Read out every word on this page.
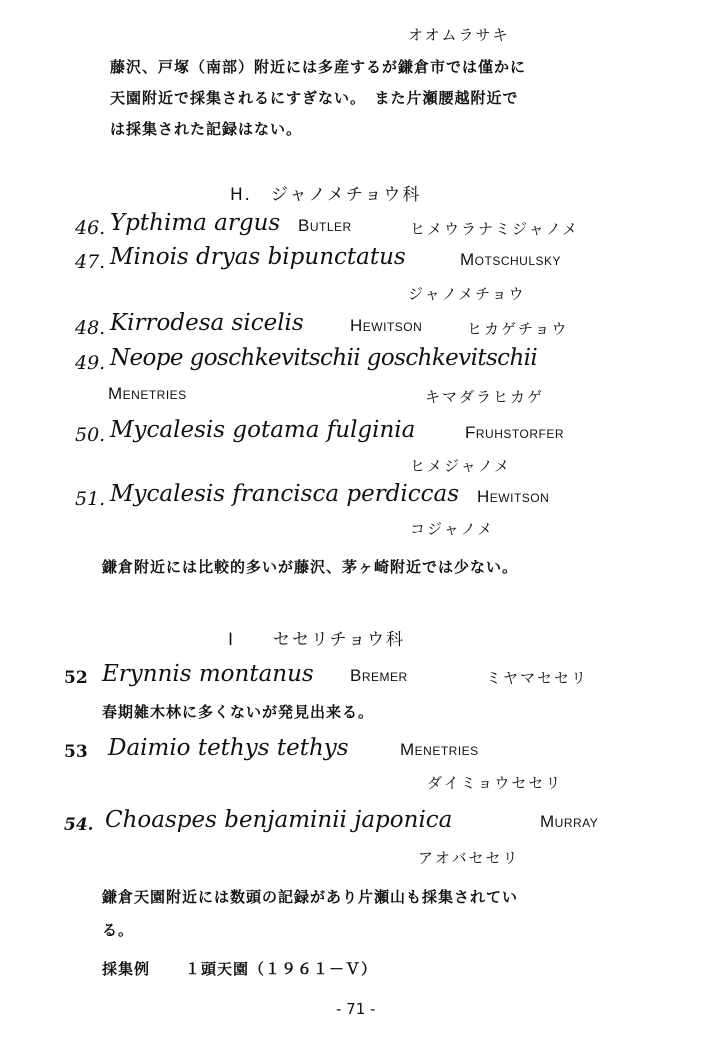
オオムラサキ
藤沢、戸塚（南部）附近には多産するが鎌倉市では僅かに
天園附近で採集されるにすぎない。　また片瀬腰越附近で
は採集された記録はない。
H.　ジャノメチョウ科
46. Ypthima argus Butler	ヒメウラナミジャノメ
47. Minois dryas bipunctatus	Motschulsky
ジャノメチョウ
48. Kirrodesa sicelis	Hewitson	ヒカゲチョウ
49. Neope goschkevitschii goschkevitschii
Menetries	キマダラヒカゲ
50. Mycalesis gotama fulginia	Fruhstorfer
ヒメジャノメ
51. Mycalesis francisca perdiccas Hewitson
コジャノメ
鎌倉附近には比較的多いが藤沢、茅ヶ崎附近では少ない。
I　　セセリチョウ科
52 Erynnis montanus Bremer	ミヤマセセリ
春期雑木林に多くないが発見出来る。
53 Daimio tethys tethys	Menetries
ダイミョウセセリ
54. Choaspes benjaminii japonica	Murray
アオバセセリ
鎌倉天園附近には数頭の記録があり片瀬山も採集されてい
る。
採集例 １頭天園（１９６１－Ｖ）
- 71 -
